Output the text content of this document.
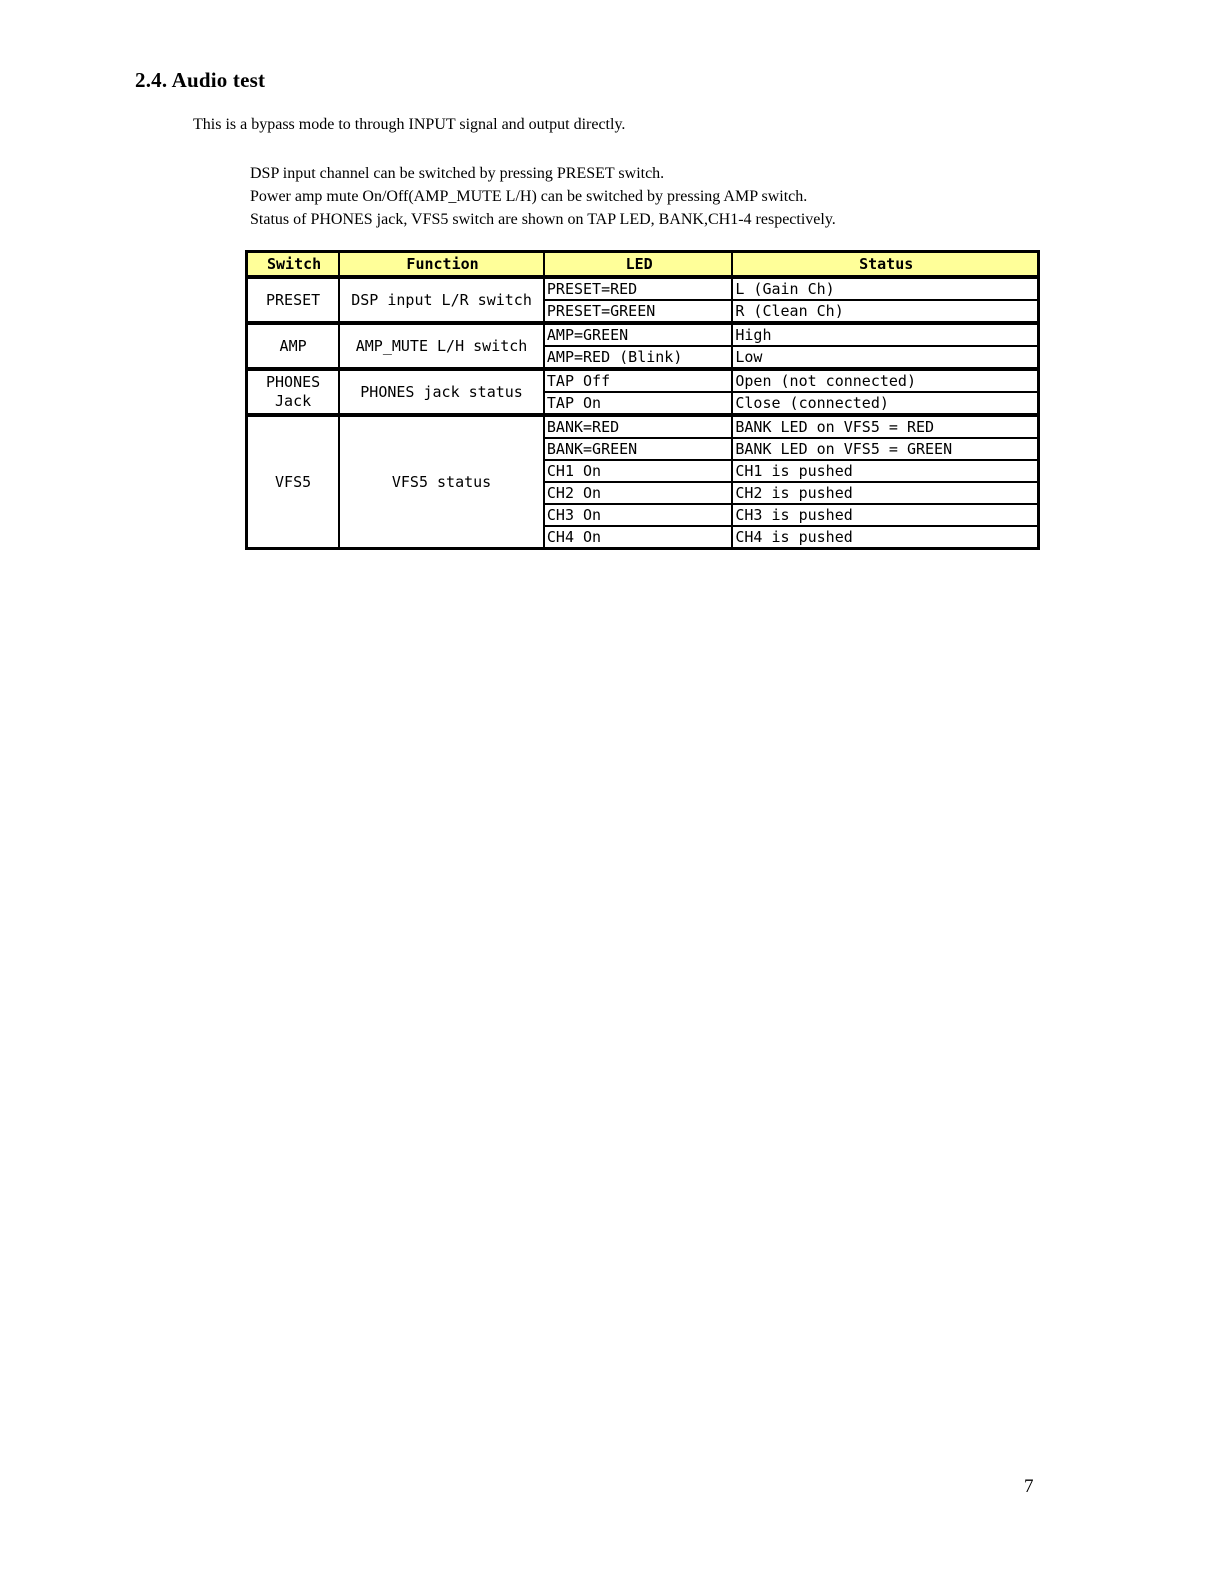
2.4. Audio test
This is a bypass mode to through INPUT signal and output directly.
DSP input channel can be switched by pressing PRESET switch.
Power amp mute On/Off(AMP_MUTE L/H) can be switched by pressing AMP switch.
Status of PHONES jack, VFS5 switch are shown on TAP LED, BANK,CH1-4 respectively.
Switch	Function	LED	Status
PRESET	DSP input L/R switch	PRESET=RED	L (Gain Ch)
		PRESET=GREEN	R (Clean Ch)
AMP	AMP_MUTE L/H switch	AMP=GREEN	High
		AMP=RED (Blink)	Low
PHONES Jack	PHONES jack status	TAP Off	Open (not connected)
		TAP On	Close (connected)
VFS5	VFS5 status	BANK=RED	BANK LED on VFS5 = RED
		BANK=GREEN	BANK LED on VFS5 = GREEN
		CH1 On	CH1 is pushed
		CH2 On	CH2 is pushed
		CH3 On	CH3 is pushed
		CH4 On	CH4 is pushed
7
